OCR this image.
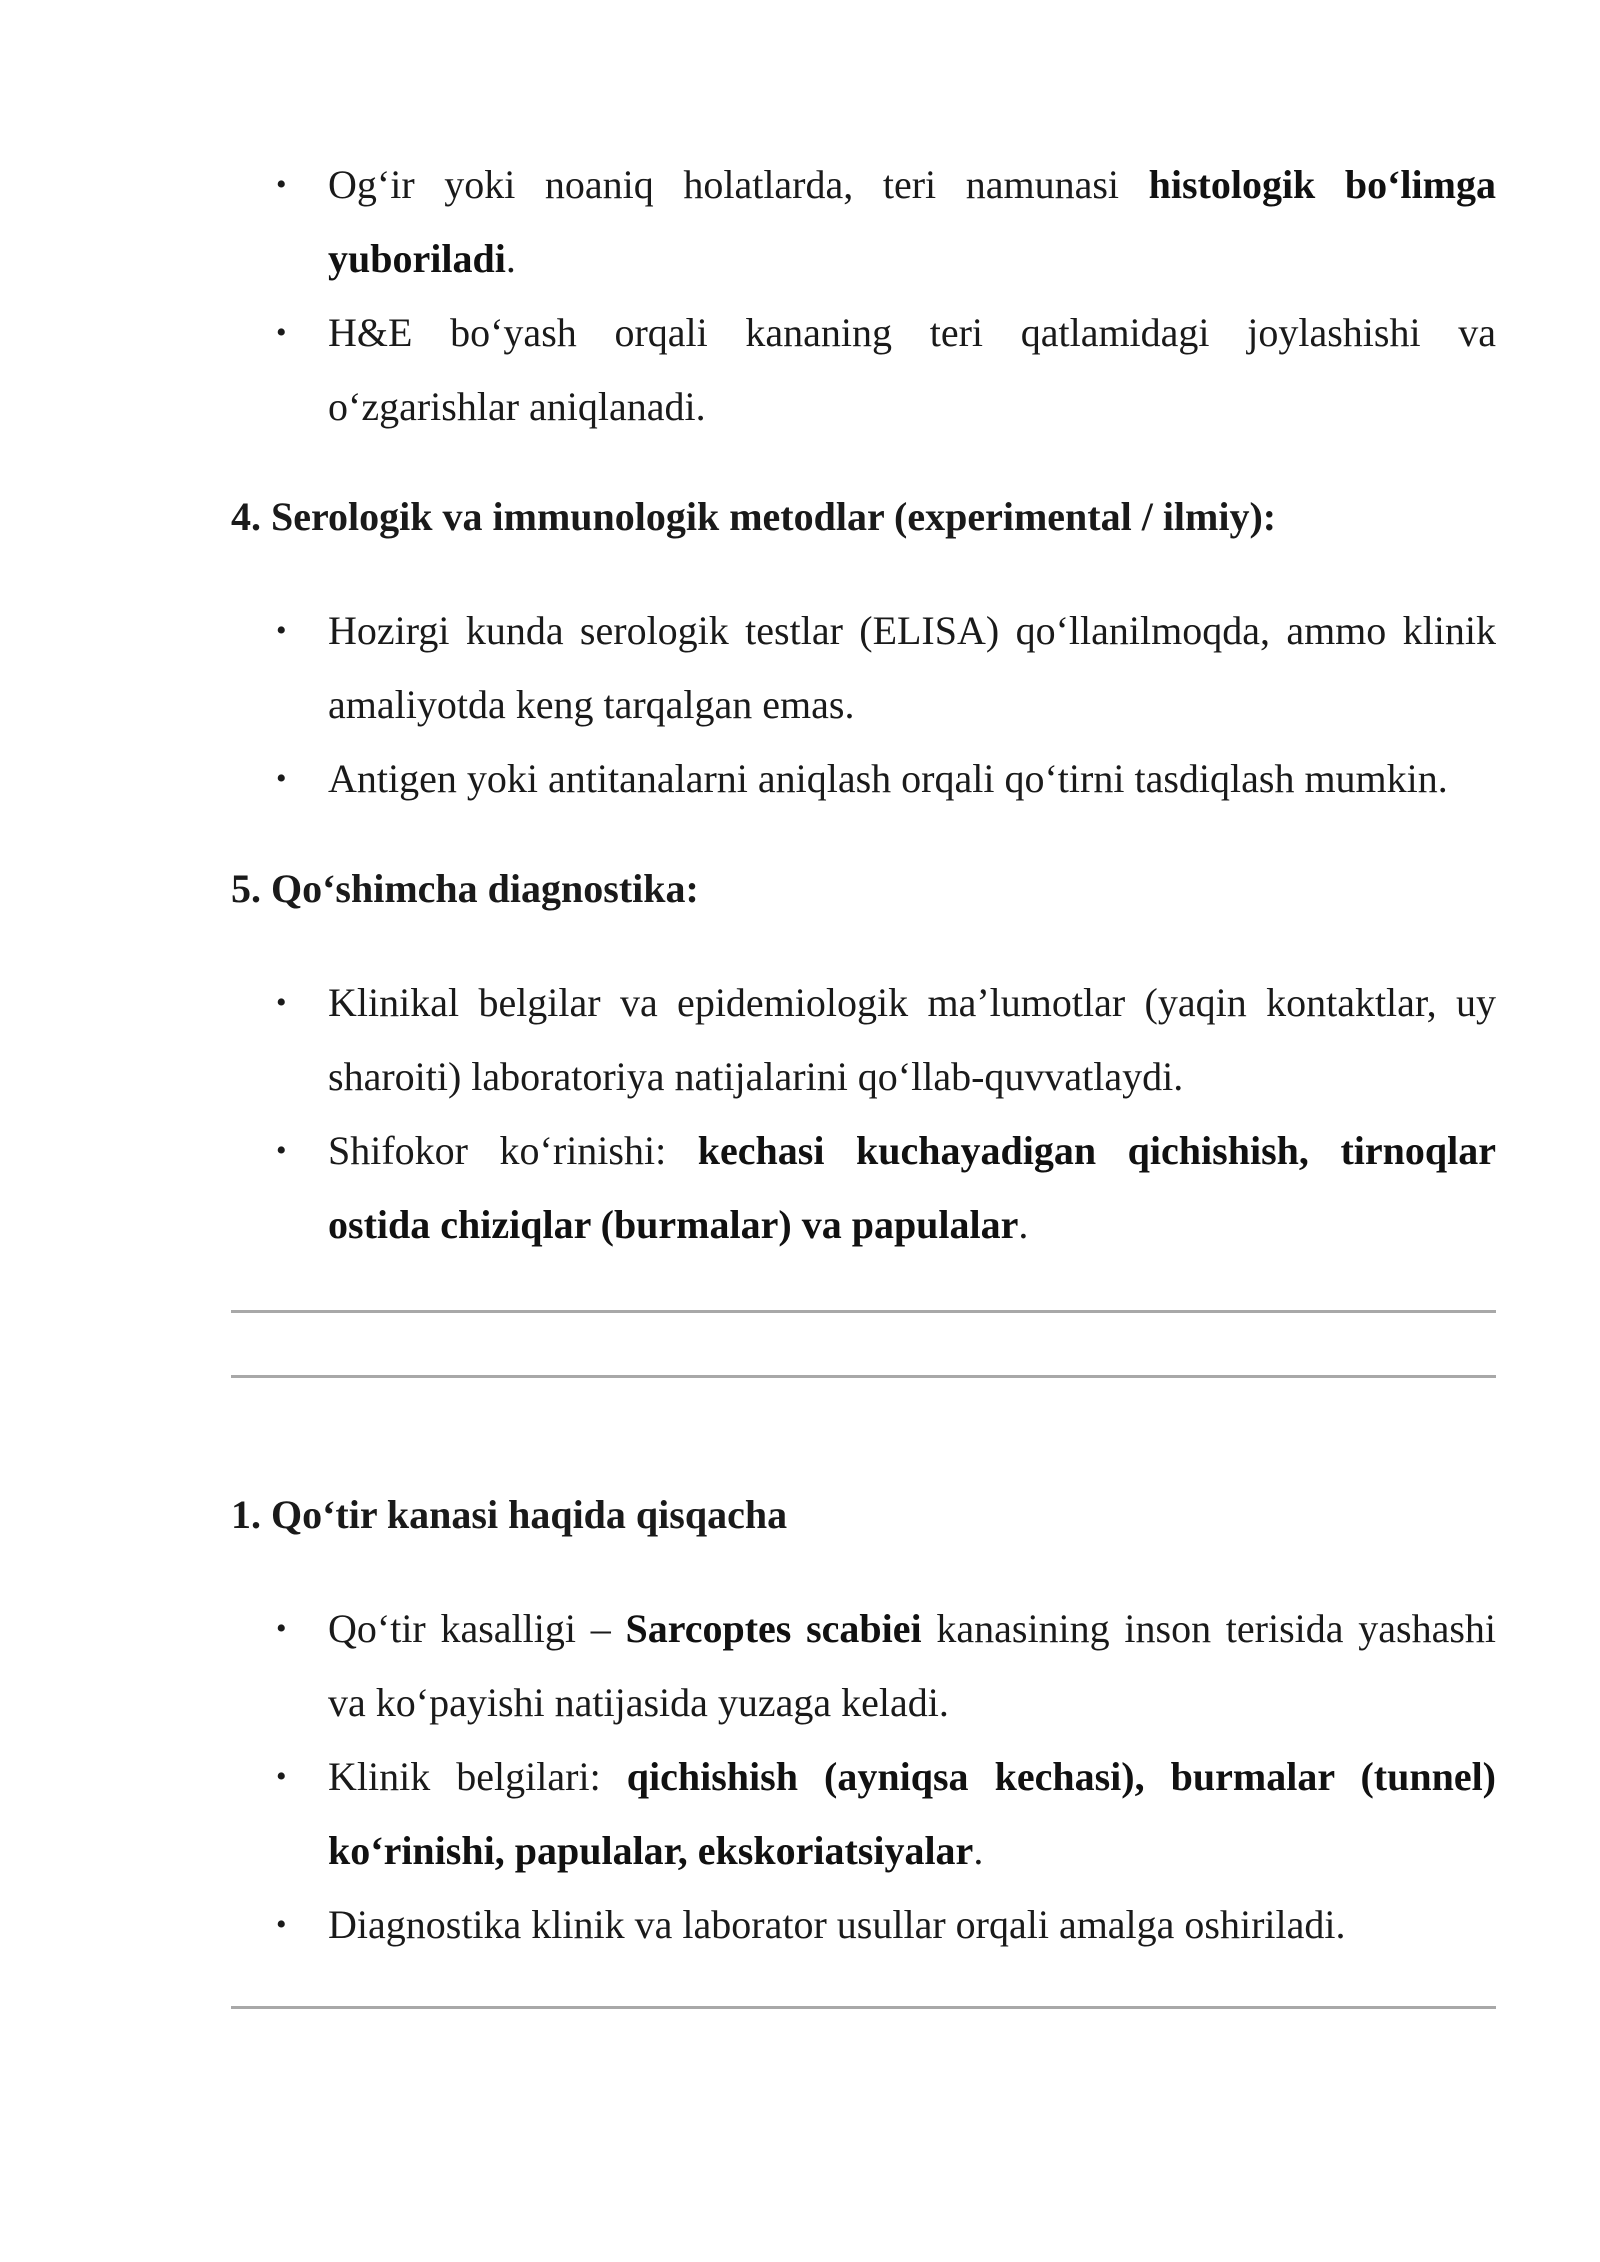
• Og‘ir yoki noaniq holatlarda, teri namunasi histologik bo‘limga yuboriladi.
• H&E bo‘yash orqali kananing teri qatlamidagi joylashishi va o‘zgarishlar aniqlanadi.
4. Serologik va immunologik metodlar (experimental / ilmiy):
• Hozirgi kunda serologik testlar (ELISA) qo‘llanilmoqda, ammo klinik amaliyotda keng tarqalgan emas.
• Antigen yoki antitanalarni aniqlash orqali qo‘tirni tasdiqlash mumkin.
5. Qo‘shimcha diagnostika:
• Klinikal belgilar va epidemiologik ma’lumotlar (yaqin kontaktlar, uy sharoiti) laboratoriya natijalarini qo‘llab-quvvatlaydi.
• Shifokor ko‘rinishi: kechasi kuchayadigan qichishish, tirnoqlar ostida chiziqlar (burmalar) va papulalar.
1. Qo‘tir kanasi haqida qisqacha
• Qo‘tir kasalligi – Sarcoptes scabiei kanasining inson terisida yashashi va ko‘payishi natijasida yuzaga keladi.
• Klinik belgilari: qichishish (ayniqsa kechasi), burmalar (tunnel) ko‘rinishi, papulalar, ekskoriatsiyalar.
• Diagnostika klinik va laborator usullar orqali amalga oshiriladi.
